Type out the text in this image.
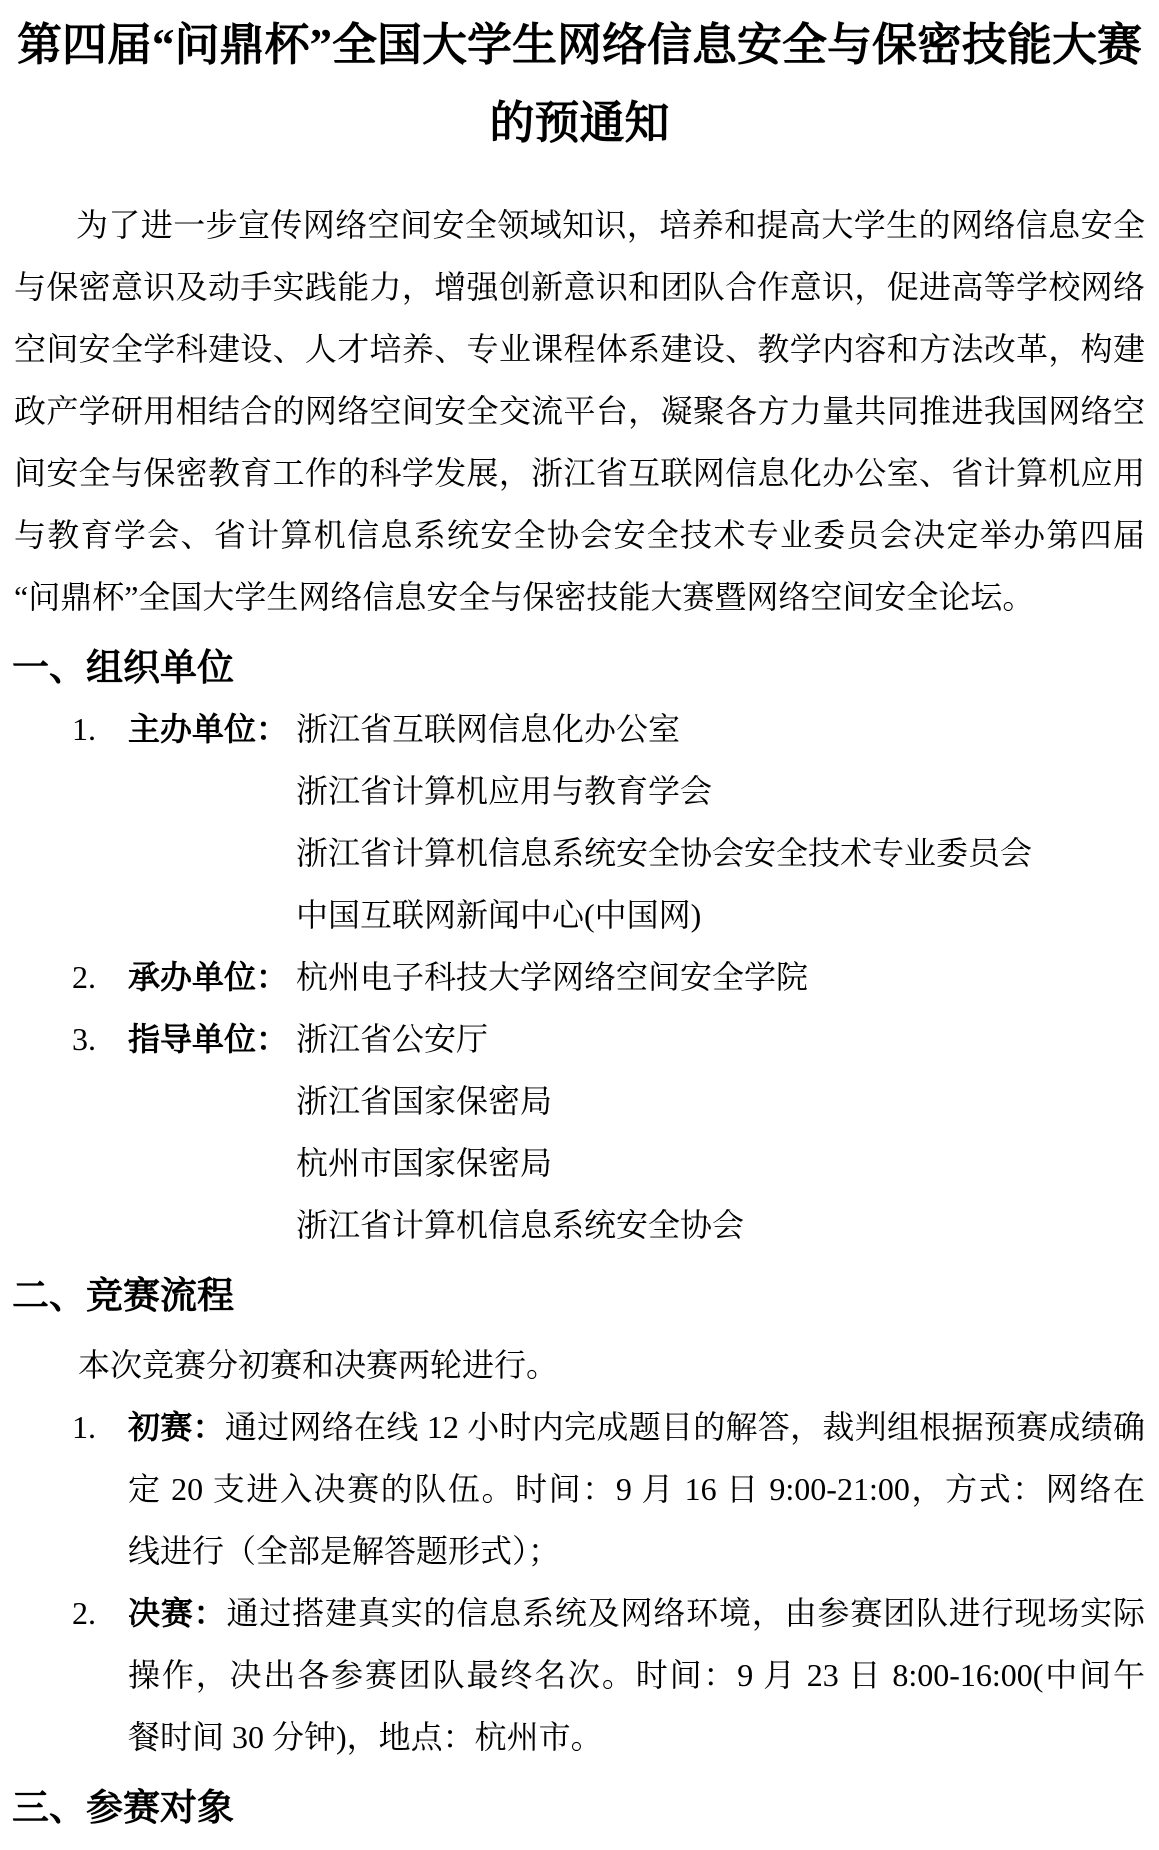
第四届“问鼎杯”全国大学生网络信息安全与保密技能大赛
的预通知
为了进一步宣传网络空间安全领域知识，培养和提高大学生的网络信息安全
与保密意识及动手实践能力，增强创新意识和团队合作意识，促进高等学校网络
空间安全学科建设、人才培养、专业课程体系建设、教学内容和方法改革，构建
政产学研用相结合的网络空间安全交流平台，凝聚各方力量共同推进我国网络空
间安全与保密教育工作的科学发展，浙江省互联网信息化办公室、省计算机应用
与教育学会、省计算机信息系统安全协会安全技术专业委员会决定举办第四届
“问鼎杯”全国大学生网络信息安全与保密技能大赛暨网络空间安全论坛。
一、组织单位
1. 主办单位： 浙江省互联网信息化办公室
浙江省计算机应用与教育学会
浙江省计算机信息系统安全协会安全技术专业委员会
中国互联网新闻中心(中国网)
2. 承办单位： 杭州电子科技大学网络空间安全学院
3. 指导单位： 浙江省公安厅
浙江省国家保密局
杭州市国家保密局
浙江省计算机信息系统安全协会
二、竞赛流程
本次竞赛分初赛和决赛两轮进行。
1. 初赛：通过网络在线 12 小时内完成题目的解答，裁判组根据预赛成绩确
定 20 支进入决赛的队伍。时间：9 月 16 日 9:00-21:00，方式：网络在
线进行（全部是解答题形式）；
2. 决赛：通过搭建真实的信息系统及网络环境，由参赛团队进行现场实际
操作，决出各参赛团队最终名次。时间：9 月 23 日 8:00-16:00(中间午
餐时间 30 分钟)，地点：杭州市。
三、参赛对象
